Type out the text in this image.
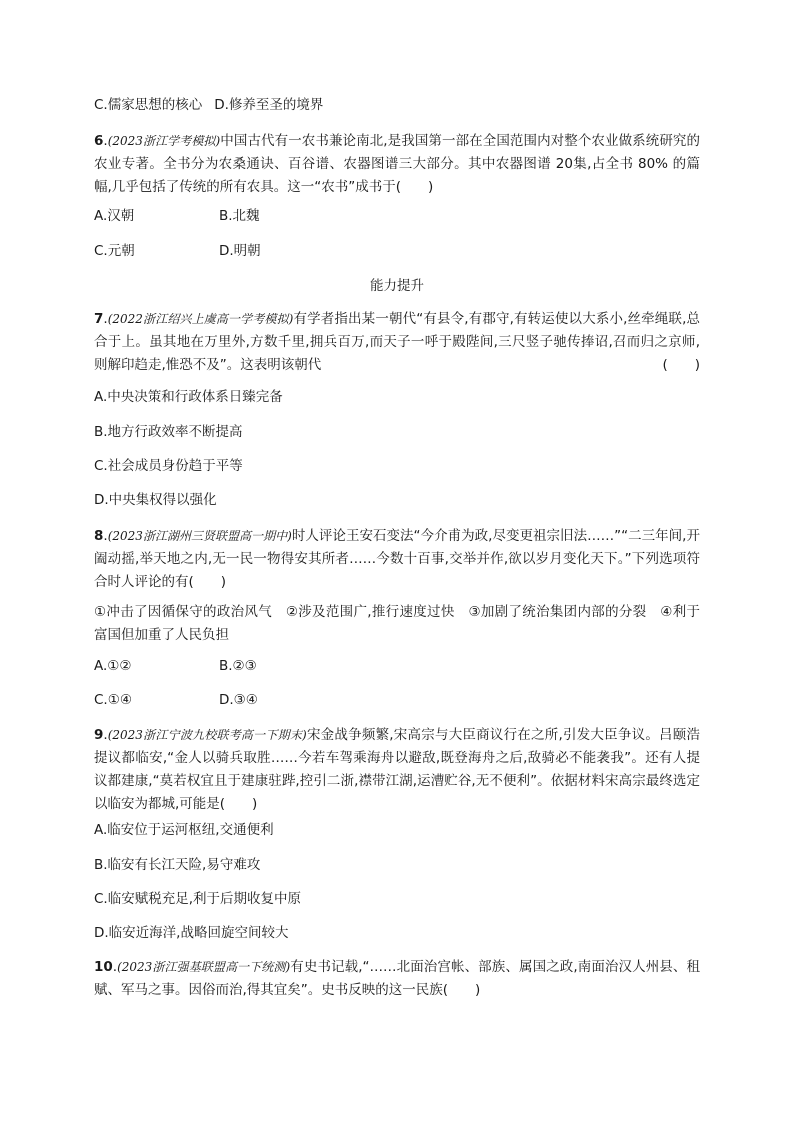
C.儒家思想的核心 D.修养至圣的境界
6.(2023浙江学考模拟)中国古代有一农书兼论南北,是我国第一部在全国范围内对整个农业做系统研究的农业专著。全书分为农桑通诀、百谷谱、农器图谱三大部分。其中农器图谱 20集,占全书 80% 的篇幅,几乎包括了传统的所有农具。这一“农书”成书于(　　)
A.汉朝	B.北魏
C.元朝	D.明朝
能力提升
7.(2022浙江绍兴上虞高一学考模拟)有学者指出某一朝代“有县令,有郡守,有转运使以大系小,丝牵绳联,总合于上。虽其地在万里外,方数千里,拥兵百万,而天子一呼于殿陛间,三尺竖子驰传捧诏,召而归之京师,则解印趋走,惟恐不及”。这表明该朝代	(　　)
A.中央决策和行政体系日臻完备
B.地方行政效率不断提高
C.社会成员身份趋于平等
D.中央集权得以强化
8.(2023浙江湖州三贤联盟高一期中)时人评论王安石变法“今介甫为政,尽变更祖宗旧法……”“二三年间,开阖动摇,举天地之内,无一民一物得安其所者……今数十百事,交举并作,欲以岁月变化天下。”下列选项符合时人评论的有(　　)
①冲击了因循保守的政治风气　②涉及范围广,推行速度过快　③加剧了统治集团内部的分裂　④利于富国但加重了人民负担
A.①②	B.②③
C.①④	D.③④
9.(2023浙江宁波九校联考高一下期末)宋金战争频繁,宋高宗与大臣商议行在之所,引发大臣争议。吕颐浩提议都临安,“金人以骑兵取胜……今若车驾乘海舟以避敌,既登海舟之后,敌骑必不能袭我”。还有人提议都建康,“莫若权宜且于建康驻跸,控引二浙,襟带江湖,运漕贮谷,无不便利”。依据材料宋高宗最终选定以临安为都城,可能是(　　)
A.临安位于运河枢纽,交通便利
B.临安有长江天险,易守难攻
C.临安赋税充足,利于后期收复中原
D.临安近海洋,战略回旋空间较大
10.(2023浙江强基联盟高一下统测)有史书记载,“……北面治宫帐、部族、属国之政,南面治汉人州县、租赋、军马之事。因俗而治,得其宜矣”。史书反映的这一民族(　　)
